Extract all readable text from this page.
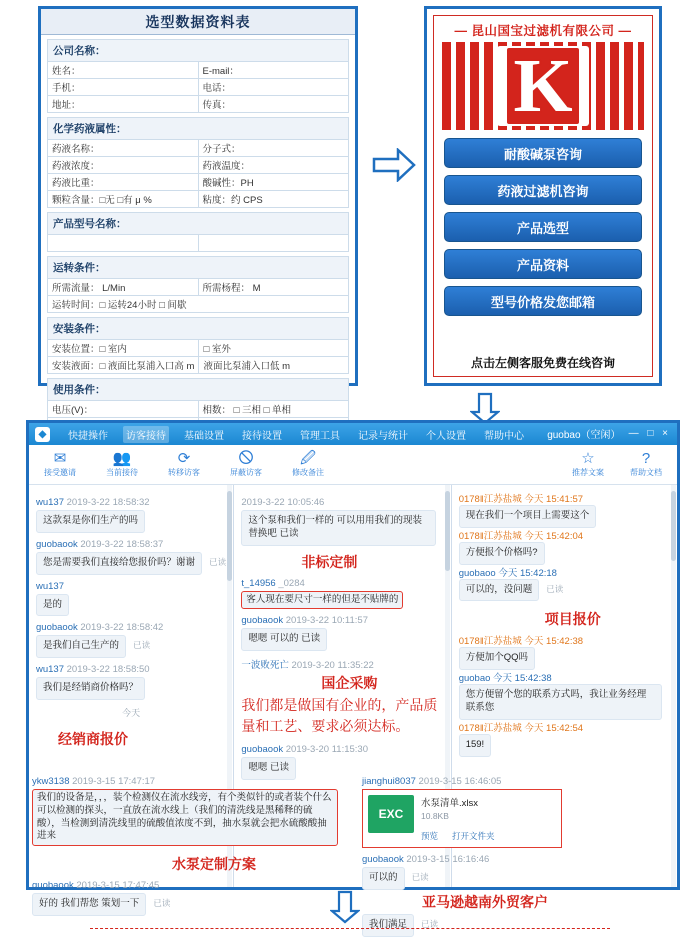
选型数据资料表
公司名称：
姓名：	E-mail：
手机：	电话：
地址：	传真：
化学药液属性：
药液名称：	分子式：
药液浓度：	药液温度：
药液比重：	酸碱性：PH
颗粒含量：□无 □有 μ %	粘度：约 CPS
产品型号名称：

运转条件：
所需流量： L/Min	所需杨程： M
运转时间：□ 运转24小时 □ 间歇
安装条件：
安装位置：□ 室内	□ 室外
安装液面：□ 液面比泵浦入口高 m	液面比泵浦入口低 m
使用条件：
电压(V)：	相数： □ 三相 □ 单相

— 昆山国宝过滤机有限公司 —
K
耐酸碱泵咨询
药液过滤机咨询
产品选型
产品资料
型号价格发您邮箱
点击左侧客服免费在线咨询
◆	快捷操作	访客接待	基础设置	接待设置	管理工具	记录与统计	个人设置	帮助中心	guobao（空闲） — □ ×
✉
接受邀请
👥
当前接待
⟳
转移访客
🛇
屏蔽访客
🖉
修改备注
☆
推荐文案
?
帮助文档
wu137 2019-3-22 18:58:32
这款泵是你们生产的吗
guobaook 2019-3-22 18:58:37
您是需要我们直接给您报价吗？谢谢 已读
wu137
是的
guobaook 2019-3-22 18:58:42
是我们自己生产的 已读
wu137 2019-3-22 18:58:50
我们是经销商价格吗？
今天
经销商报价
2019-3-22 10:05:46
这个泵和我们一样的 可以用用我们的现装替换吧 已读
非标定制
t_14956 _0284
客人现在要尺寸一样的但是不贴牌的
guobaook 2019-3-22 10:11:57
嗯嗯 可以的 已读
一波败死亡 2019-3-20 11:35:22
国企采购
我们都是做国有企业的，产品质量和工艺、要求必须达标。
guobaook 2019-3-20 11:15:30
嗯嗯 已读
0178‖江苏盐城 今天 15:41:57
现在我们一个项目上需要这个
0178‖江苏盐城 今天 15:42:04
方便报个价格吗?
guobaoo 今天 15:42:18
可以的，没问题 已读
项目报价
0178‖江苏盐城 今天 15:42:38
方便加个QQ吗
guobao 今天 15:42:38
您方便留个您的联系方式吗，我让业务经理联系您
0178‖江苏盐城 今天 15:42:54
159!
ykw3138 2019-3-15 17:47:17
我们的设备是，，，装个检测仪在流水线旁，有个类似针的或者装个什么可以检测的探头，一直放在流水线上（我们的清洗线是黑稀释的硫酸），当检测到清洗线里的硫酸值浓度不到，抽水泵就会把水硫酸酸抽进来
水泵定制方案
guobaook 2019-3-15 17:47:45
好的 我们帮您 策划一下 已读
jianghui8037 2019-3-15 16:46:05
EXC
水泵清单.xlsx
10.8KB
预览 打开文件夹
guobaook 2019-3-15 16:16:46
可以的 已读
亚马逊越南外贸客户
我们满足 已读
